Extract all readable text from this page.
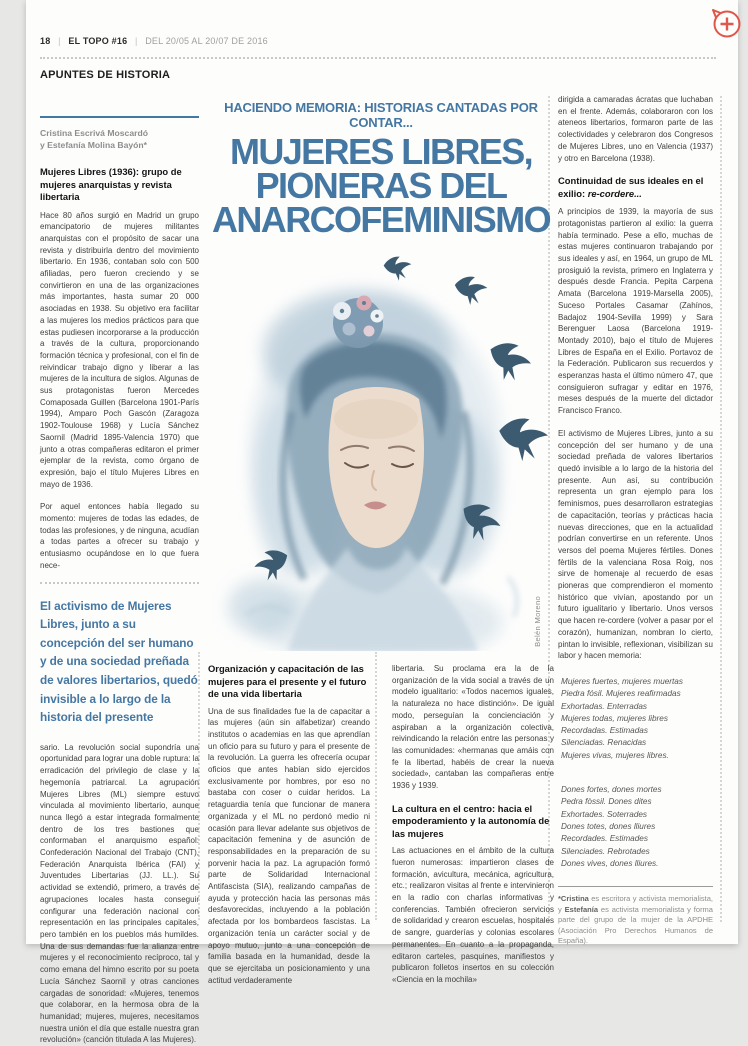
18 | EL TOPO #16 | DEL 20/05 AL 20/07 DE 2016
APUNTES DE HISTORIA
Cristina Escrivá Moscardó
y Estefanía Molina Bayón*
Mujeres Libres (1936): grupo de mujeres anarquistas y revista libertaria
Hace 80 años surgió en Madrid un grupo emancipatorio de mujeres militantes anarquistas con el propósito de sacar una revista y distribuirla dentro del movimiento libertario. En 1936, contaban solo con 500 afiliadas, pero fueron creciendo y se convirtieron en una de las organizaciones más importantes, hasta sumar 20 000 asociadas en 1938. Su objetivo era facilitar a las mujeres los medios prácticos para que estas pudiesen incorporarse a la producción a través de la cultura, proporcionando formación técnica y profesional, con el fin de reivindicar trabajo digno y liberar a las mujeres de la incultura de siglos. Algunas de sus protagonistas fueron Mercedes Comaposada Guillen (Barcelona 1901-París 1994), Amparo Poch Gascón (Zaragoza 1902-Toulouse 1968) y Lucía Sánchez Saornil (Madrid 1895-Valencia 1970) que junto a otras compañeras editaron el primer ejemplar de la revista, como órgano de expresión, bajo el título Mujeres Libres en mayo de 1936.
Por aquel entonces había llegado su momento: mujeres de todas las edades, de todas las profesiones, y de ninguna, acudían a todas partes a ofrecer su trabajo y entusiasmo ocupándose en lo que fuera nece-
El activismo de Mujeres Libres, junto a su concepción del ser humano y de una sociedad preñada de valores libertarios, quedó invisible a lo largo de la historia del presente
sario. La revolución social supondría una oportunidad para lograr una doble ruptura: la erradicación del privilegio de clase y la hegemonía patriarcal. La agrupación Mujeres Libres (ML) siempre estuvo vinculada al movimiento libertario, aunque nunca llegó a estar integrada formalmente dentro de los tres bastiones que conformaban el anarquismo español: Confederación Nacional del Trabajo (CNT), Federación Anarquista Ibérica (FAI) y Juventudes Libertarias (JJ. LL.). Su actividad se extendió, primero, a través de agrupaciones locales hasta conseguir configurar una federación nacional con representación en las principales capitales, pero también en los pueblos más humildes. Una de sus demandas fue la alianza entre mujeres y el reconocimiento recíproco, tal y como emana del himno escrito por su poeta Lucía Sánchez Saornil y otras canciones cargadas de sonoridad: «Mujeres, tenemos que colaborar, en la hermosa obra de la humanidad; mujeres, mujeres, necesitamos nuestra unión el día que estalle nuestra gran revolución» (canción titulada A las Mujeres).
HACIENDO MEMORIA: HISTORIAS CANTADAS POR CONTAR...
MUJERES LIBRES,
PIONERAS DEL
ANARCOFEMINISMO
Belén Moreno
Organización y capacitación de las mujeres para el presente y el futuro de una vida libertaria
Una de sus finalidades fue la de capacitar a las mujeres (aún sin alfabetizar) creando institutos o academias en las que aprendían un oficio para su futuro y para el presente de la revolución. La guerra les ofrecería ocupar oficios que antes habían sido ejercidos exclusivamente por hombres, por eso no bastaba con coser o cuidar heridos. La retaguardia tenía que funcionar de manera organizada y el ML no perdonó medio ni ocasión para llevar adelante sus objetivos de capacitación femenina y de asunción de responsabilidades en la preparación de su porvenir hacia la paz. La agrupación formó parte de Solidaridad Internacional Antifascista (SIA), realizando campañas de ayuda y protección hacia las personas más desfavorecidas, incluyendo a la población afectada por los bombardeos fascistas. La organización tenía un carácter social y de apoyo mutuo, junto a una concepción de familia basada en la humanidad, desde la que se ejercitaba un posicionamiento y una actitud verdaderamente
libertaria. Su proclama era la de la organización de la vida social a través de un modelo igualitario: «Todos nacemos iguales, la naturaleza no hace distinción». De igual modo, perseguían la concienciación y aspiraban a la organización colectiva, reivindicando la relación entre las personas y las comunidades: «hermanas que amáis con fe la libertad, habéis de crear la nueva sociedad», cantaban las compañeras entre 1936 y 1939.
La cultura en el centro: hacia el empoderamiento y la autonomía de las mujeres
Las actuaciones en el ámbito de la cultura fueron numerosas: impartieron clases de formación, avicultura, mecánica, agricultura, etc.; realizaron visitas al frente e intervinieron en la radio con charlas informativas y conferencias. También ofrecieron servicios de solidaridad y crearon escuelas, hospitales de sangre, guarderías y colonias escolares permanentes. En cuanto a la propaganda, editaron carteles, pasquines, manifiestos y publicaron folletos insertos en su colección «Ciencia en la mochila»
dirigida a camaradas ácratas que luchaban en el frente. Además, colaboraron con los ateneos libertarios, formaron parte de las colectividades y celebraron dos Congresos de Mujeres Libres, uno en Valencia (1937) y otro en Barcelona (1938).
Continuidad de sus ideales en el exilio: re-cordere...
A principios de 1939, la mayoría de sus protagonistas partieron al exilio: la guerra había terminado. Pese a ello, muchas de estas mujeres continuaron trabajando por sus ideales y así, en 1964, un grupo de ML prosiguió la revista, primero en Inglaterra y después desde Francia. Pepita Carpena Amata (Barcelona 1919-Marsella 2005), Suceso Portales Casamar (Zahínos, Badajoz 1904-Sevilla 1999) y Sara Berenguer Laosa (Barcelona 1919-Montady 2010), bajo el título de Mujeres Libres de España en el Exilio. Portavoz de la Federación. Publicaron sus recuerdos y esperanzas hasta el último número 47, que consiguieron sufragar y editar en 1976, meses después de la muerte del dictador Francisco Franco.
El activismo de Mujeres Libres, junto a su concepción del ser humano y de una sociedad preñada de valores libertarios quedó invisible a lo largo de la historia del presente. Aun así, su contribución representa un gran ejemplo para los feminismos, pues desarrollaron estrategias de capacitación, teorías y prácticas hacia nuevas direcciones, que en la actualidad podrían convertirse en un referente. Unos versos del poema Mujeres fértiles. Dones fèrtils de la valenciana Rosa Roig, nos sirve de homenaje al recuerdo de esas pioneras que comprendieron el momento histórico que vivían, apostando por un futuro igualitario y libertario. Unos versos que hacen re-cordere (volver a pasar por el corazón), humanizan, nombran lo cierto, pintan lo invisible, reflexionan, visibilizan su labor y hacen memoria:
Mujeres fuertes, mujeres muertas
Piedra fósil. Mujeres reafirmadas
Exhortadas. Enterradas
Mujeres todas, mujeres libres
Recordadas. Estimadas
Silenciadas. Renacidas
Mujeres vivas, mujeres libres.
Dones fortes, dones mortes
Pedra fòssil. Dones dites
Exhortades. Soterrades
Dones totes, dones lliures
Recordades. Estimades
Silenciades. Rebrotades
Dones vives, dones lliures.
*Cristina es escritora y activista memorialista, y Estefanía es activista memorialista y forma parte del grupo de la mujer de la APDHE (Asociación Pro Derechos Humanos de España).
